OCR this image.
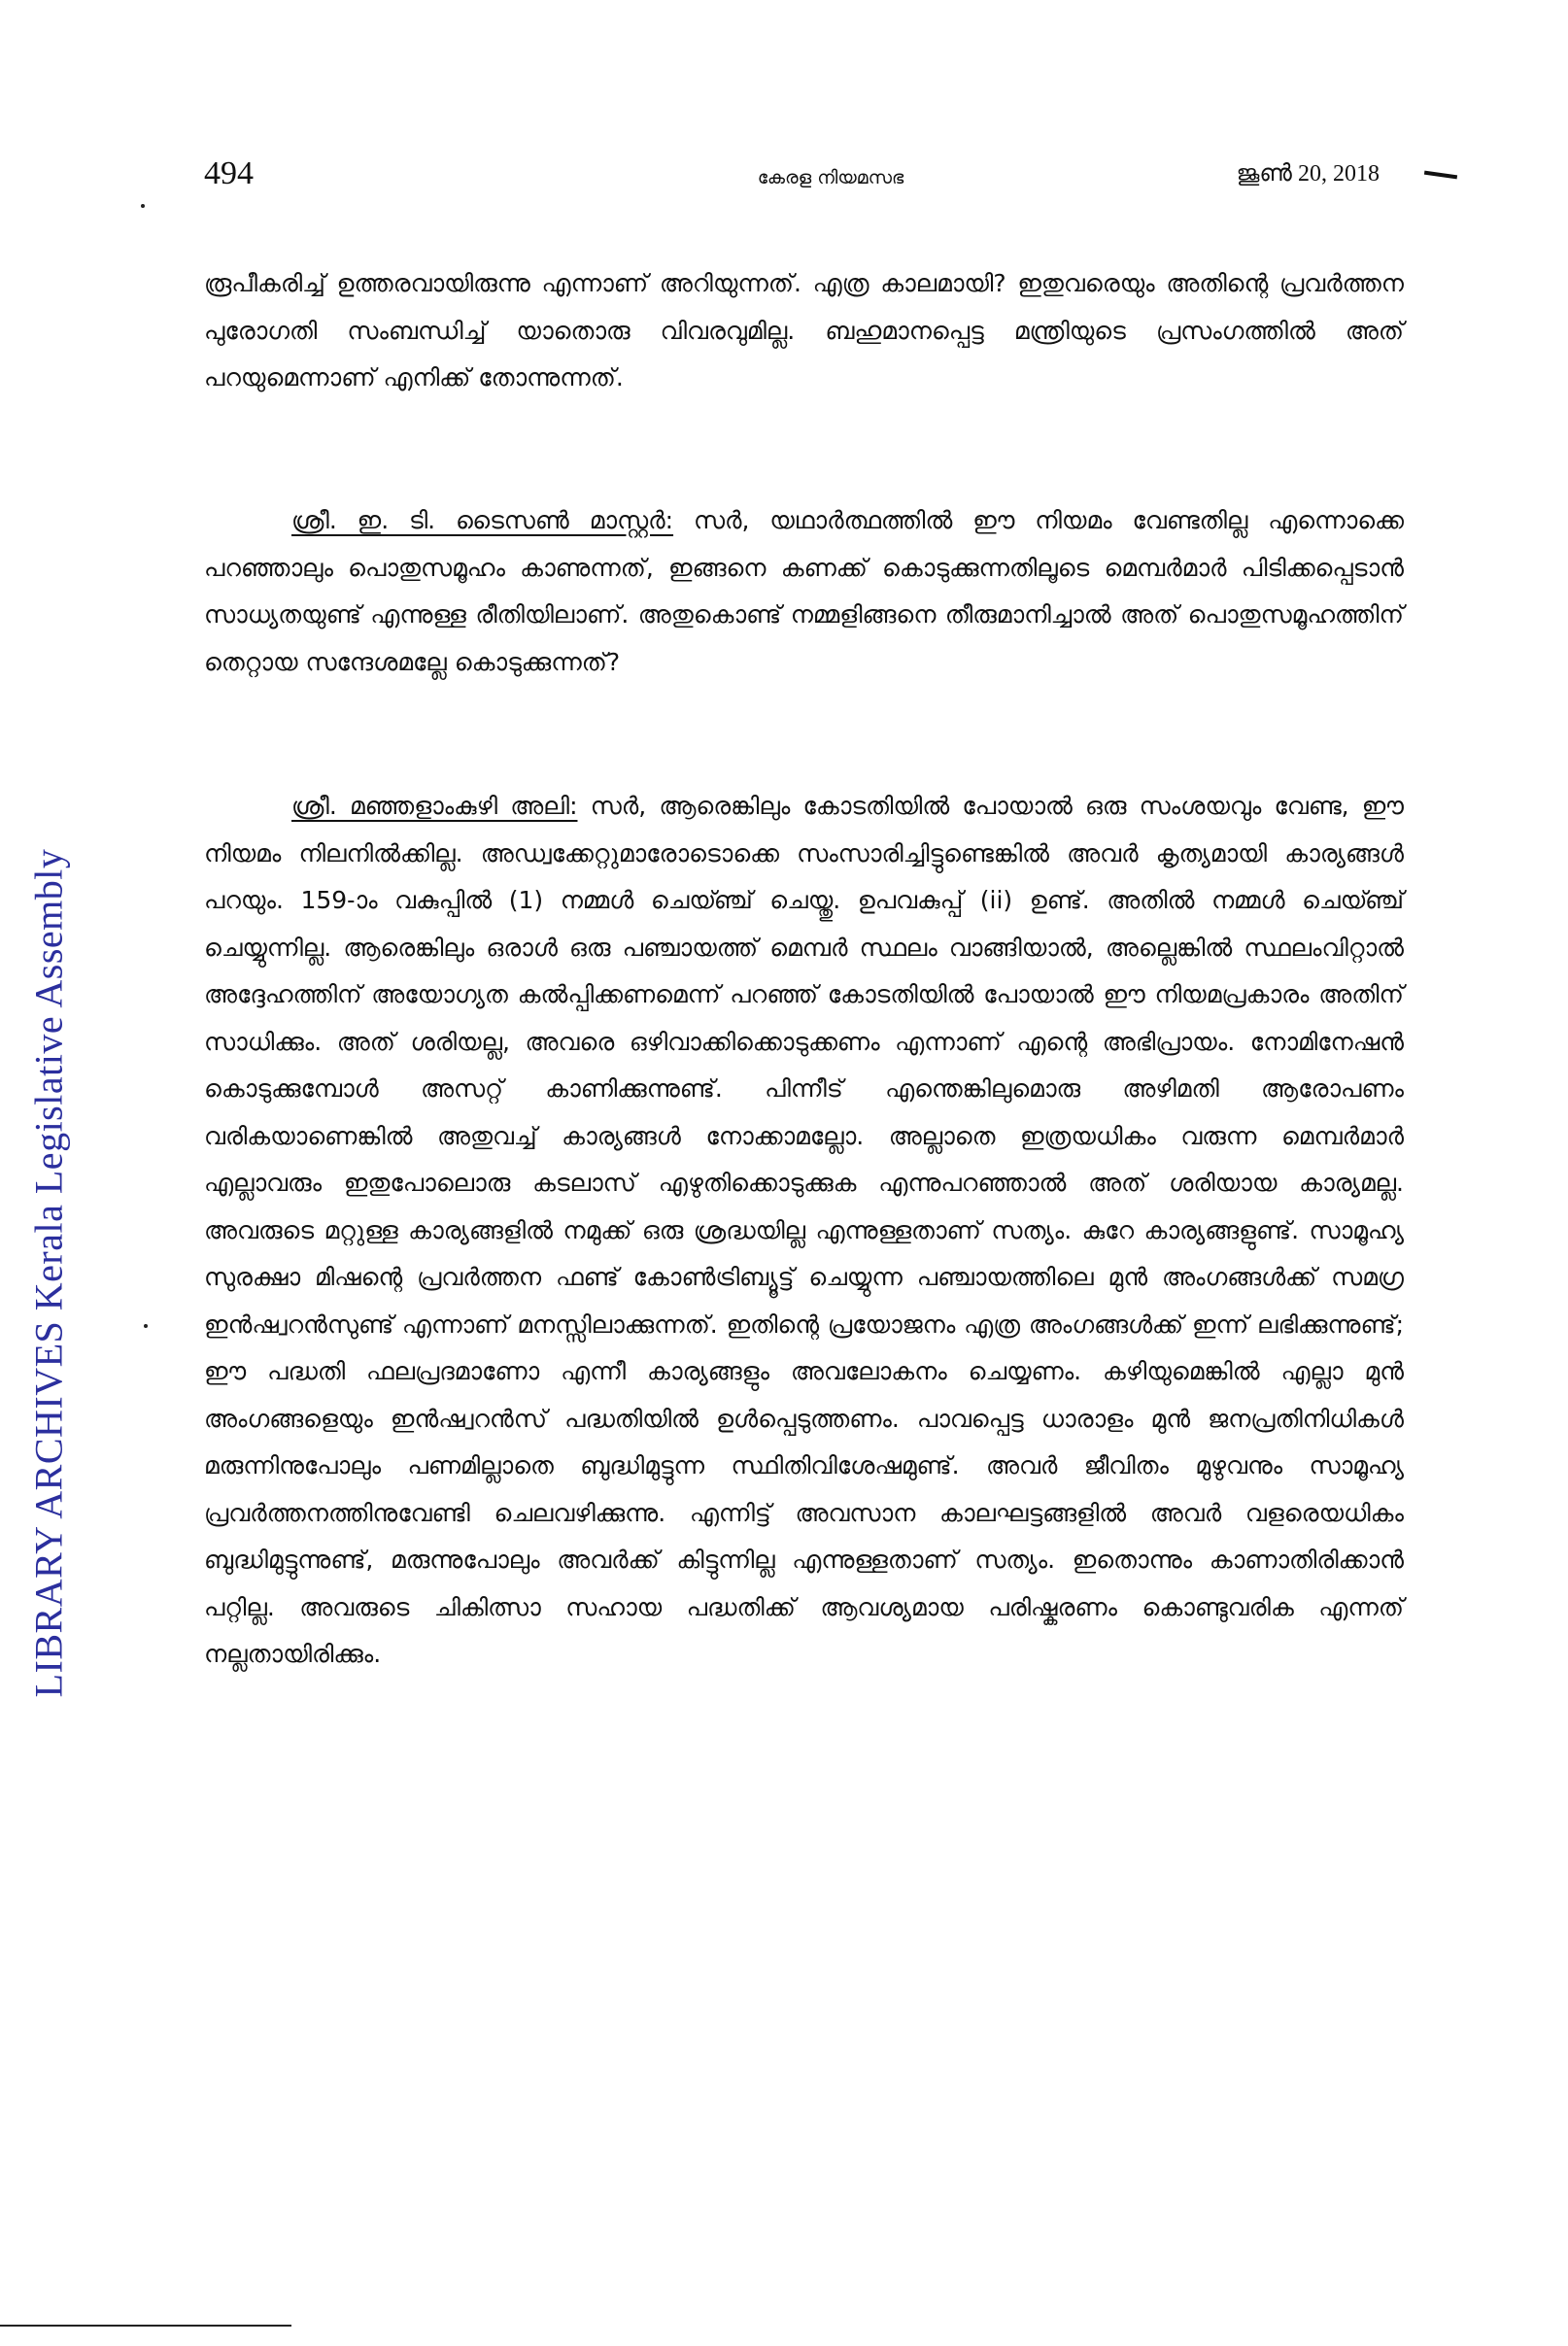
LIBRARY ARCHIVES Kerala Legislative Assembly
494	കേരള നിയമസഭ	ജൂൺ 20, 2018

രൂപീകരിച്ച് ഉത്തരവായിരുന്നു എന്നാണ് അറിയുന്നത്. എത്ര കാലമായി? ഇതുവരെയും അതിന്റെ പ്രവർത്തന പുരോഗതി സംബന്ധിച്ച് യാതൊരു വിവരവുമില്ല. ബഹുമാനപ്പെട്ട മന്ത്രിയുടെ പ്രസംഗത്തിൽ അത് പറയുമെന്നാണ് എനിക്ക് തോന്നുന്നത്.

ശ്രീ. ഇ. ടി. ടൈസൺ മാസ്റ്റർ: സർ, യഥാർത്ഥത്തിൽ ഈ നിയമം വേണ്ടതില്ല എന്നൊക്കെ പറഞ്ഞാലും പൊതുസമൂഹം കാണുന്നത്, ഇങ്ങനെ കണക്ക് കൊടുക്കുന്നതിലൂടെ മെമ്പർമാർ പിടിക്കപ്പെടാൻ സാധ്യതയുണ്ട് എന്നുള്ള രീതിയിലാണ്. അതുകൊണ്ട് നമ്മളിങ്ങനെ തീരുമാനിച്ചാൽ അത് പൊതുസമൂഹത്തിന് തെറ്റായ സന്ദേശമല്ലേ കൊടുക്കുന്നത്?

ശ്രീ. മഞ്ഞളാംകുഴി അലി: സർ, ആരെങ്കിലും കോടതിയിൽ പോയാൽ ഒരു സംശയവും വേണ്ട, ഈ നിയമം നിലനിൽക്കില്ല. അഡ്വക്കേറ്റുമാരോടൊക്കെ സംസാരിച്ചിട്ടുണ്ടെങ്കിൽ അവർ കൃത്യമായി കാര്യങ്ങൾ പറയും. 159-ാം വകുപ്പിൽ (1) നമ്മൾ ചെയ്ഞ്ച് ചെയ്തു. ഉപവകുപ്പ് (ii) ഉണ്ട്. അതിൽ നമ്മൾ ചെയ്ഞ്ച് ചെയ്യുന്നില്ല. ആരെങ്കിലും ഒരാൾ ഒരു പഞ്ചായത്ത് മെമ്പർ സ്ഥലം വാങ്ങിയാൽ, അല്ലെങ്കിൽ സ്ഥലംവിറ്റാൽ അദ്ദേഹത്തിന് അയോഗ്യത കൽപ്പിക്കണമെന്ന് പറഞ്ഞ് കോടതിയിൽ പോയാൽ ഈ നിയമപ്രകാരം അതിന് സാധിക്കും. അത് ശരിയല്ല, അവരെ ഒഴിവാക്കിക്കൊടുക്കണം എന്നാണ് എന്റെ അഭിപ്രായം. നോമിനേഷൻ കൊടുക്കുമ്പോൾ അസറ്റ് കാണിക്കുന്നുണ്ട്. പിന്നീട് എന്തെങ്കിലുമൊരു അഴിമതി ആരോപണം വരികയാണെങ്കിൽ അതുവച്ച് കാര്യങ്ങൾ നോക്കാമല്ലോ. അല്ലാതെ ഇത്രയധികം വരുന്ന മെമ്പർമാർ എല്ലാവരും ഇതുപോലൊരു കടലാസ് എഴുതിക്കൊടുക്കുക എന്നുപറഞ്ഞാൽ അത് ശരിയായ കാര്യമല്ല. അവരുടെ മറ്റുള്ള കാര്യങ്ങളിൽ നമുക്ക് ഒരു ശ്രദ്ധയില്ല എന്നുള്ളതാണ് സത്യം. കുറേ കാര്യങ്ങളുണ്ട്. സാമൂഹ്യ സുരക്ഷാ മിഷന്റെ പ്രവർത്തന ഫണ്ട് കോൺട്രിബ്യൂട്ട് ചെയ്യുന്ന പഞ്ചായത്തിലെ മുൻ അംഗങ്ങൾക്ക് സമഗ്ര ഇൻഷ്വറൻസുണ്ട് എന്നാണ് മനസ്സിലാക്കുന്നത്. ഇതിന്റെ പ്രയോജനം എത്ര അംഗങ്ങൾക്ക് ഇന്ന് ലഭിക്കുന്നുണ്ട്; ഈ പദ്ധതി ഫലപ്രദമാണോ എന്നീ കാര്യങ്ങളും അവലോകനം ചെയ്യണം. കഴിയുമെങ്കിൽ എല്ലാ മുൻ അംഗങ്ങളെയും ഇൻഷ്വറൻസ് പദ്ധതിയിൽ ഉൾപ്പെടുത്തണം. പാവപ്പെട്ട ധാരാളം മുൻ ജനപ്രതിനിധികൾ മരുന്നിനുപോലും പണമില്ലാതെ ബുദ്ധിമുട്ടുന്ന സ്ഥിതിവിശേഷമുണ്ട്. അവർ ജീവിതം മുഴുവനും സാമൂഹ്യ പ്രവർത്തനത്തിനുവേണ്ടി ചെലവഴിക്കുന്നു. എന്നിട്ട് അവസാന കാലഘട്ടങ്ങളിൽ അവർ വളരെയധികം ബുദ്ധിമുട്ടുന്നുണ്ട്, മരുന്നുപോലും അവർക്ക് കിട്ടുന്നില്ല എന്നുള്ളതാണ് സത്യം. ഇതൊന്നും കാണാതിരിക്കാൻ പറ്റില്ല. അവരുടെ ചികിത്സാ സഹായ പദ്ധതിക്ക് ആവശ്യമായ പരിഷ്കരണം കൊണ്ടുവരിക എന്നത് നല്ലതായിരിക്കും.
